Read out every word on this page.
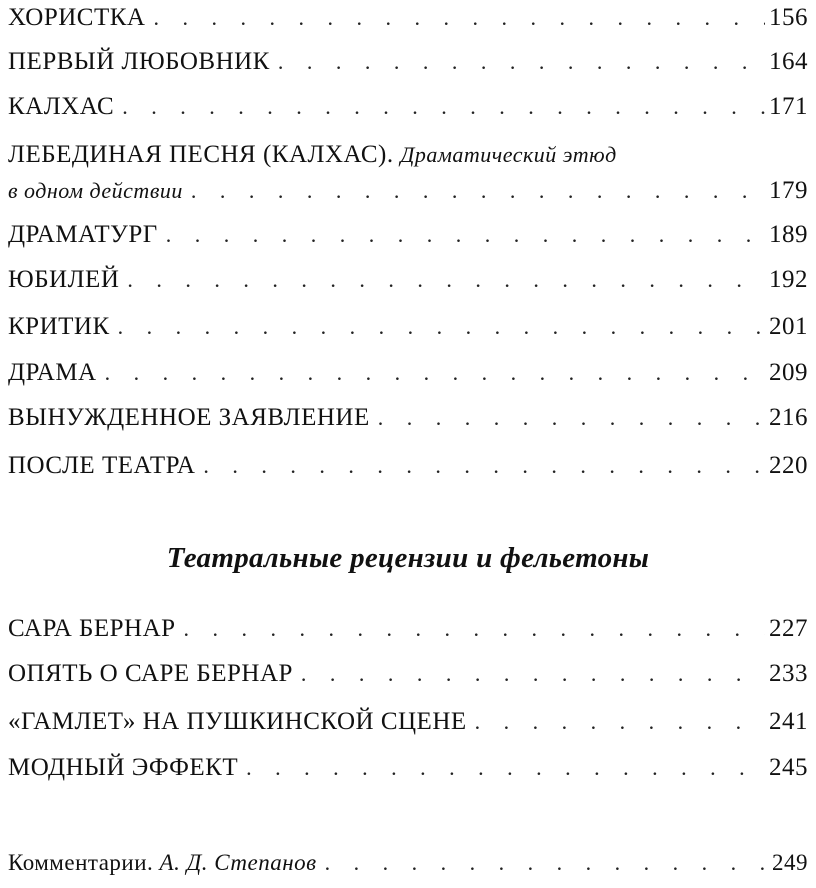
ХОРИСТКА . . .	156
ПЕРВЫЙ ЛЮБОВНИК . . .	164
КАЛХАС . . .	171
ЛЕБЕДИНАЯ ПЕСНЯ (КАЛХАС). Драматический этюд
в одном действии . . .	179
ДРАМАТУРГ . . .	189
ЮБИЛЕЙ . . .	192
КРИТИК . . .	201
ДРАМА . . .	209
ВЫНУЖДЕННОЕ ЗАЯВЛЕНИЕ . . .	216
ПОСЛЕ ТЕАТРА . . .	220
Театральные рецензии и фельетоны
САРА БЕРНАР . . .	227
ОПЯТЬ О САРЕ БЕРНАР . . .	233
«ГАМЛЕТ» НА ПУШКИНСКОЙ СЦЕНЕ . . .	241
МОДНЫЙ ЭФФЕКТ . . .	245
Комментарии. А. Д. Степанов . . .	249
